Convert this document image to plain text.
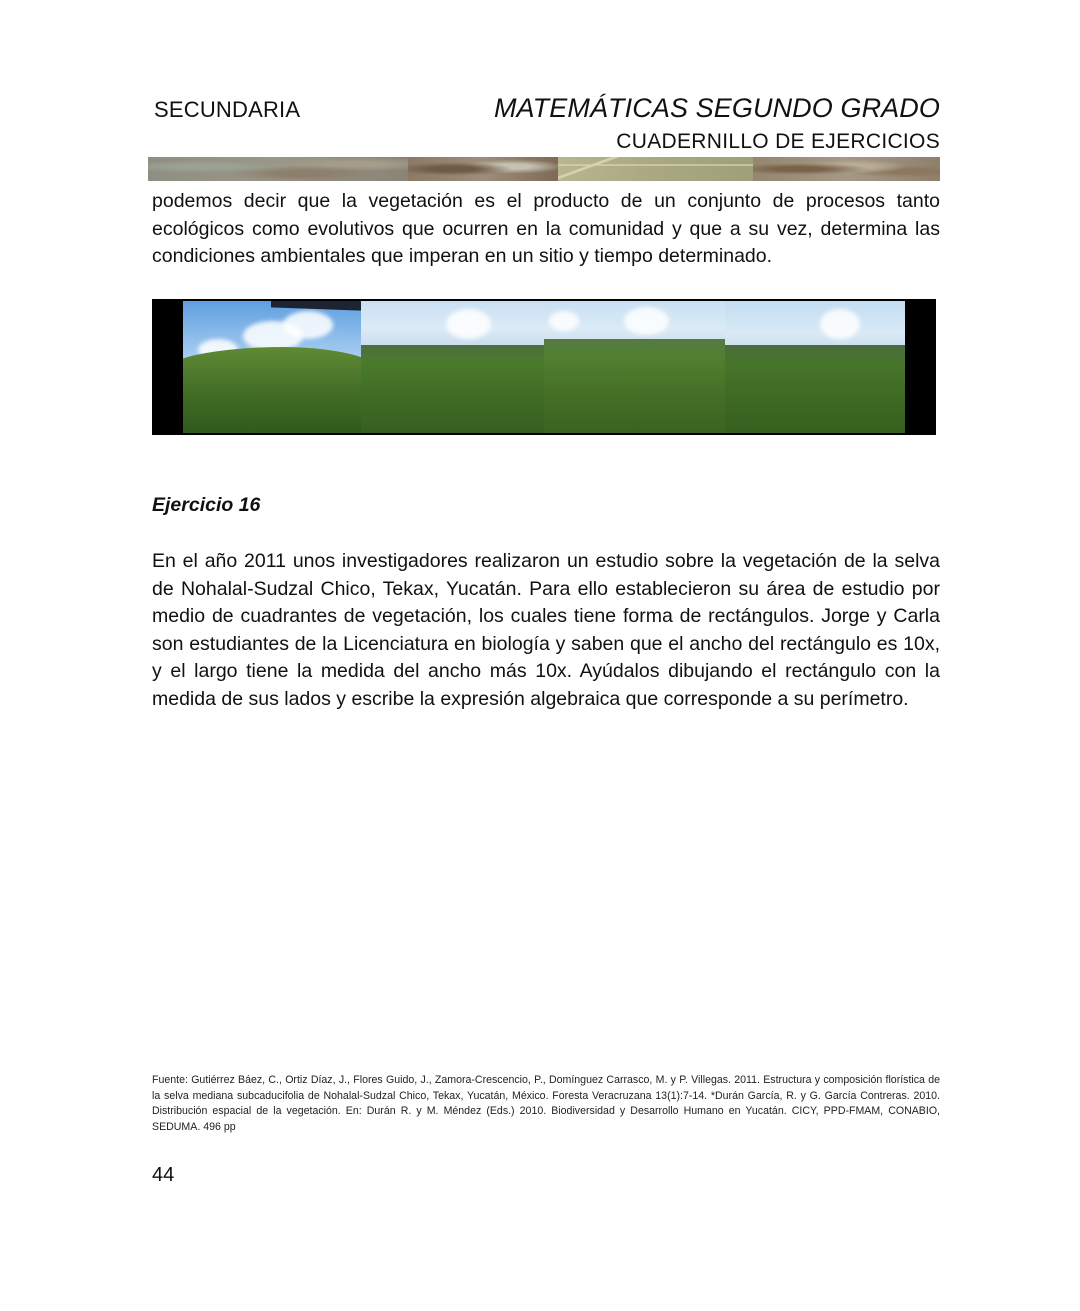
SECUNDARIA	MATEMÁTICAS SEGUNDO GRADO
CUADERNILLO DE EJERCICIOS

podemos decir que la vegetación es el producto de un conjunto de procesos tanto ecológicos como evolutivos que ocurren en la comunidad y que a su vez, determina las condiciones ambientales que imperan en un sitio y tiempo determinado.

Ejercicio 16

En el año 2011 unos investigadores realizaron un estudio sobre la vegetación de la selva de Nohalal-Sudzal Chico, Tekax, Yucatán. Para ello establecieron su área de estudio por medio de cuadrantes de vegetación, los cuales tiene forma de rectángulos. Jorge y Carla son estudiantes de la Licenciatura en biología y saben que el ancho del rectángulo es 10x, y el largo tiene la medida del ancho más 10x. Ayúdalos dibujando el rectángulo con la medida de sus lados y escribe la expresión algebraica que corresponde a su perímetro.

Fuente: Gutiérrez Báez, C., Ortiz Díaz, J., Flores Guido, J., Zamora-Crescencio, P., Domínguez Carrasco, M. y P. Villegas. 2011. Estructura y composición florística de la selva mediana subcaducifolia de Nohalal-Sudzal Chico, Tekax, Yucatán, México. Foresta Veracruzana 13(1):7-14. *Durán García, R. y G. García Contreras. 2010. Distribución espacial de la vegetación. En: Durán R. y M. Méndez (Eds.) 2010. Biodiversidad y Desarrollo Humano en Yucatán. CICY, PPD-FMAM, CONABIO, SEDUMA. 496 pp
44
